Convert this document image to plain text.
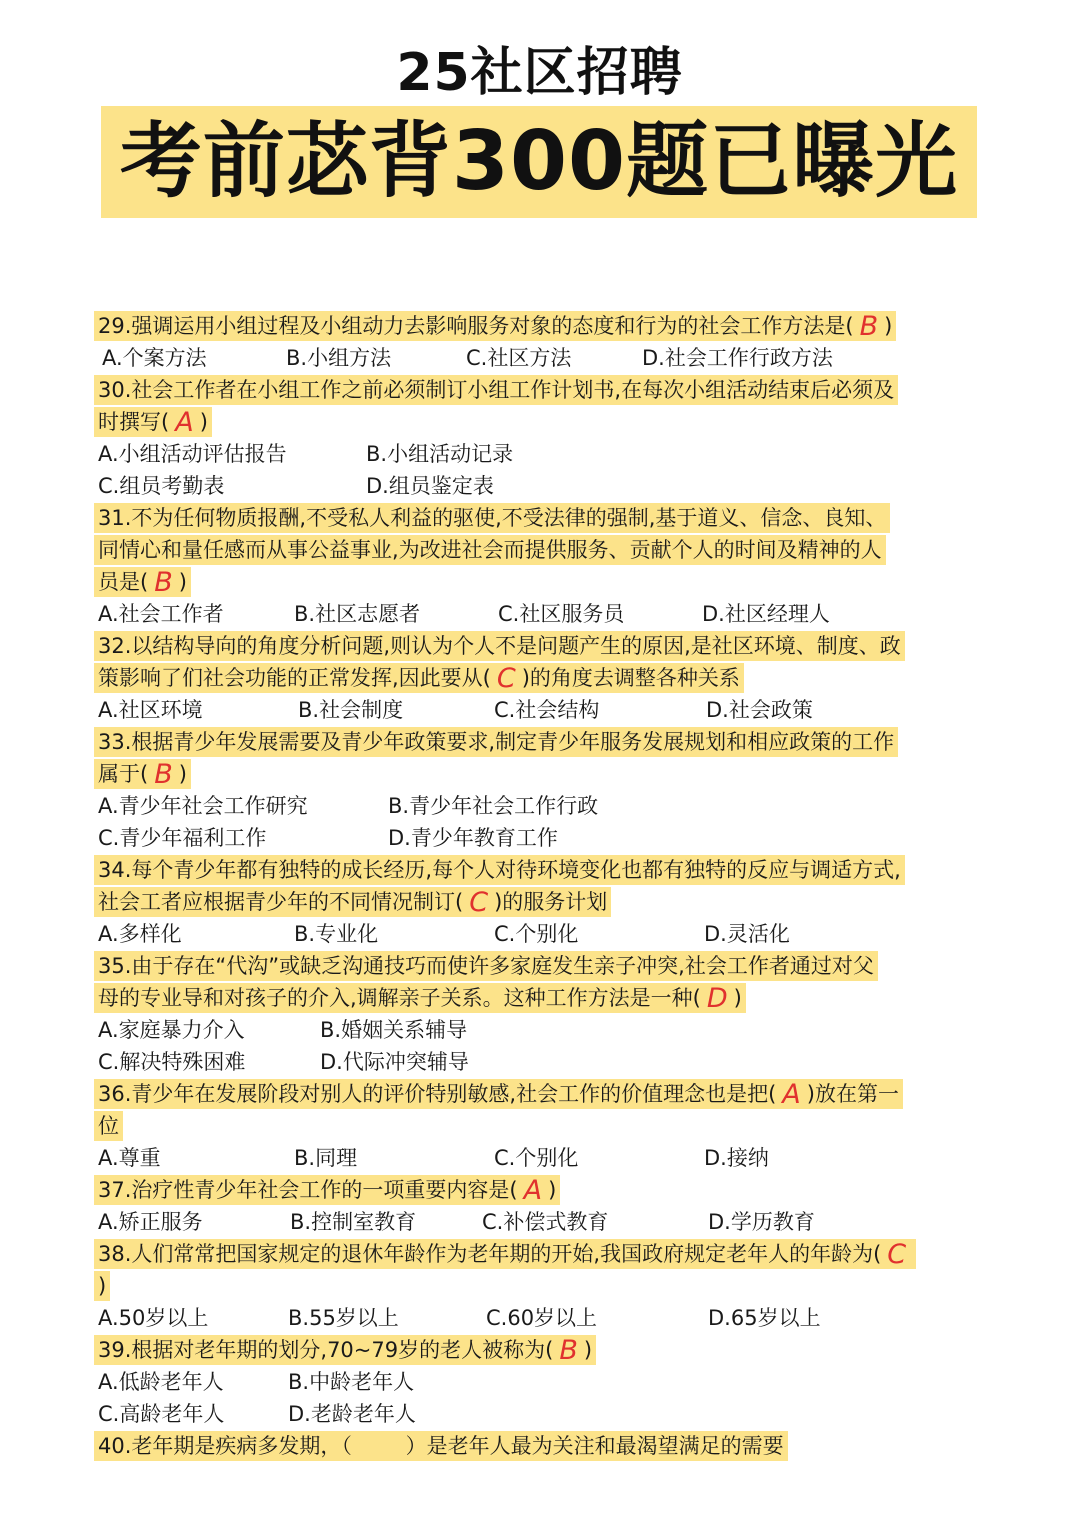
25社区招聘
考前苾背300题已曝光
29.强调运用小组过程及小组动力去影响服务对象的态度和行为的社会工作方法是( B )
A.个案方法	B.小组方法	C.社区方法	D.社会工作行政方法
30.社会工作者在小组工作之前必须制订小组工作计划书,在每次小组活动结束后必须及
时撰写( A )
A.小组活动评估报告	B.小组活动记录
C.组员考勤表	D.组员鉴定表
31.不为任何物质报酬,不受私人利益的驱使,不受法律的强制,基于道义、信念、良知、
同情心和量任感而从事公益事业,为改进社会而提供服务、贡献个人的时间及精神的人
员是( B )
A.社会工作者	B.社区志愿者	C.社区服务员	D.社区经理人
32.以结构导向的角度分析问题,则认为个人不是问题产生的原因,是社区环境、制度、政
策影响了们社会功能的正常发挥,因此要从( C )的角度去调整各种关系
A.社区环境	B.社会制度	C.社会结构	D.社会政策
33.根据青少年发展需要及青少年政策要求,制定青少年服务发展规划和相应政策的工作
属于( B )
A.青少年社会工作研究	B.青少年社会工作行政
C.青少年福利工作	D.青少年教育工作
34.每个青少年都有独特的成长经历,每个人对待环境变化也都有独特的反应与调适方式,
社会工者应根据青少年的不同情况制订( C )的服务计划
A.多样化	B.专业化	C.个别化	D.灵活化
35.由于存在“代沟”或缺乏沟通技巧而使许多家庭发生亲子冲突,社会工作者通过对父
母的专业导和对孩子的介入,调解亲子关系。这种工作方法是一种( D )
A.家庭暴力介入	B.婚姻关系辅导
C.解决特殊困难	D.代际冲突辅导
36.青少年在发展阶段对别人的评价特别敏感,社会工作的价值理念也是把( A )放在第一
位
A.尊重	B.同理	C.个别化	D.接纳
37.治疗性青少年社会工作的一项重要内容是( A )
A.矫正服务	B.控制室教育	C.补偿式教育	D.学历教育
38.人们常常把国家规定的退休年龄作为老年期的开始,我国政府规定老年人的年龄为( C
)
A.50岁以上	B.55岁以上	C.60岁以上	D.65岁以上
39.根据对老年期的划分,70~79岁的老人被称为( B )
A.低龄老年人	B.中龄老年人
C.高龄老年人	D.老龄老年人
40.老年期是疾病多发期，（	）是老年人最为关注和最渴望满足的需要
